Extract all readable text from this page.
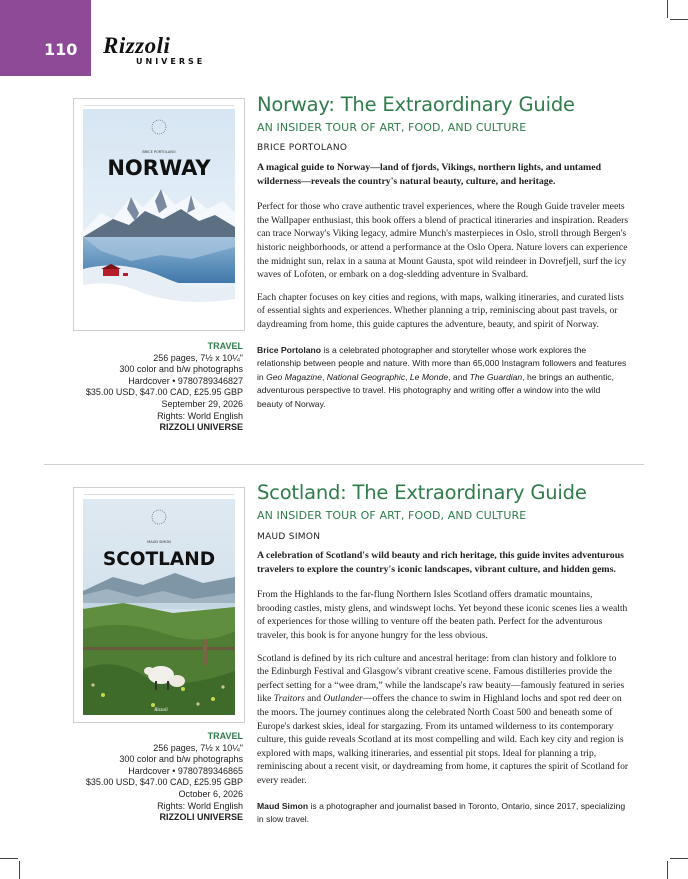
110 Rizzoli
UNIVERSE
BRICE PORTOLANO
NORWAY
Rizzoli
TRAVEL
256 pages, 7½ x 10¼"
300 color and b/w photographs
Hardcover • 9780789346827
$35.00 USD, $47.00 CAD, £25.95 GBP
September 29, 2026
Rights: World English
RIZZOLI UNIVERSE
Norway: The Extraordinary Guide
AN INSIDER TOUR OF ART, FOOD, AND CULTURE
BRICE PORTOLANO

A magical guide to Norway—land of fjords, Vikings, northern lights, and untamed wilderness—reveals the country's natural beauty, culture, and heritage.

Perfect for those who crave authentic travel experiences, where the Rough Guide traveler meets the Wallpaper enthusiast, this book offers a blend of practical itineraries and inspiration. Readers can trace Norway's Viking legacy, admire Munch's masterpieces in Oslo, stroll through Bergen's historic neighborhoods, or attend a performance at the Oslo Opera. Nature lovers can experience the midnight sun, relax in a sauna at Mount Gausta, spot wild reindeer in Dovrefjell, surf the icy waves of Lofoten, or embark on a dog-sledding adventure in Svalbard.

Each chapter focuses on key cities and regions, with maps, walking itineraries, and curated lists of essential sights and experiences. Whether planning a trip, reminiscing about past travels, or daydreaming from home, this guide captures the adventure, beauty, and spirit of Norway.

Brice Portolano is a celebrated photographer and storyteller whose work explores the relationship between people and nature. With more than 65,000 Instagram followers and features in Geo Magazine, National Geographic, Le Monde, and The Guardian, he brings an authentic, adventurous perspective to travel. His photography and writing offer a window into the wild beauty of Norway.
MAUD SIMON
SCOTLAND
Rizzoli
TRAVEL
256 pages, 7½ x 10¼"
300 color and b/w photographs
Hardcover • 9780789346865
$35.00 USD, $47.00 CAD, £25.95 GBP
October 6, 2026
Rights: World English
RIZZOLI UNIVERSE
Scotland: The Extraordinary Guide
AN INSIDER TOUR OF ART, FOOD, AND CULTURE
MAUD SIMON

A celebration of Scotland's wild beauty and rich heritage, this guide invites adventurous travelers to explore the country's iconic landscapes, vibrant culture, and hidden gems.

From the Highlands to the far-flung Northern Isles Scotland offers dramatic mountains, brooding castles, misty glens, and windswept lochs. Yet beyond these iconic scenes lies a wealth of experiences for those willing to venture off the beaten path. Perfect for the adventurous traveler, this book is for anyone hungry for the less obvious.

Scotland is defined by its rich culture and ancestral heritage: from clan history and folklore to the Edinburgh Festival and Glasgow's vibrant creative scene. Famous distilleries provide the perfect setting for a “wee dram,” while the landscape's raw beauty—famously featured in series like Traitors and Outlander—offers the chance to swim in Highland lochs and spot red deer on the moors. The journey continues along the celebrated North Coast 500 and beneath some of Europe's darkest skies, ideal for stargazing. From its untamed wilderness to its contemporary culture, this guide reveals Scotland at its most compelling and wild. Each key city and region is explored with maps, walking itineraries, and essential pit stops. Ideal for planning a trip, reminiscing about a recent visit, or daydreaming from home, it captures the spirit of Scotland for every reader.

Maud Simon is a photographer and journalist based in Toronto, Ontario, since 2017, specializing in slow travel.
